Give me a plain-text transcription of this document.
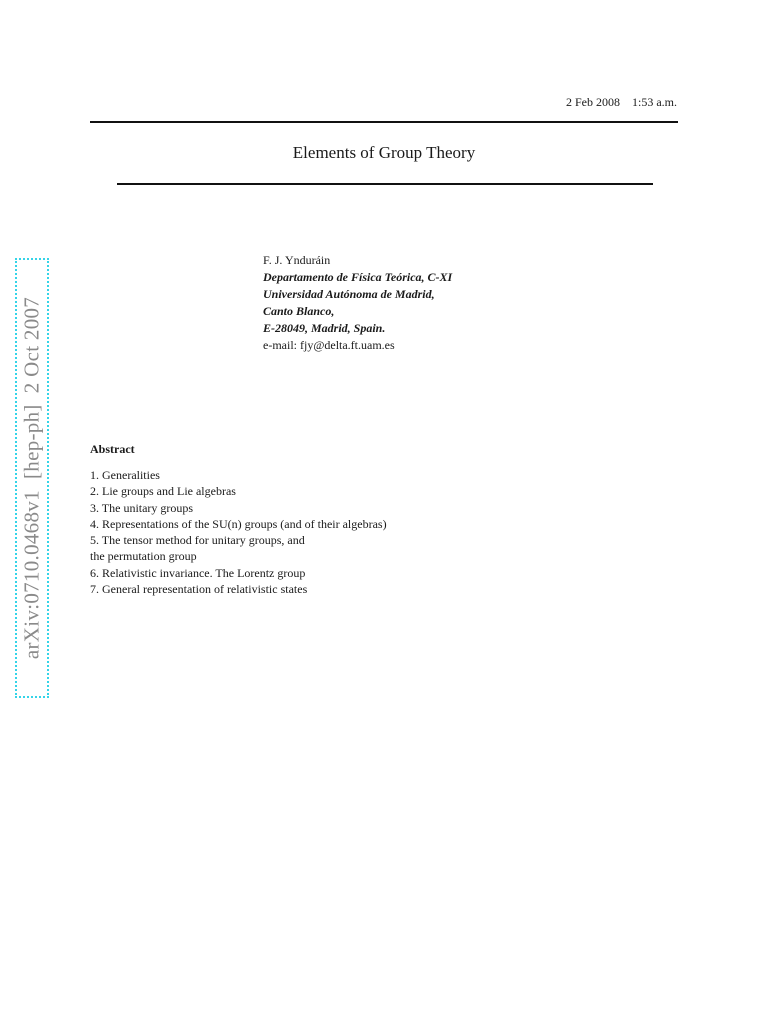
2 Feb 2008    1:53 a.m.
Elements of Group Theory
F. J. Ynduráin
Departamento de Física Teórica, C-XI
Universidad Autónoma de Madrid,
Canto Blanco,
E-28049, Madrid, Spain.
e-mail: fjy@delta.ft.uam.es
arXiv:0710.0468v1  [hep-ph]  2 Oct 2007	Abstract
1. Generalities
2. Lie groups and Lie algebras
3. The unitary groups
4. Representations of the SU(n) groups (and of their algebras)
5. The tensor method for unitary groups, and
the permutation group
6. Relativistic invariance. The Lorentz group
7. General representation of relativistic states
